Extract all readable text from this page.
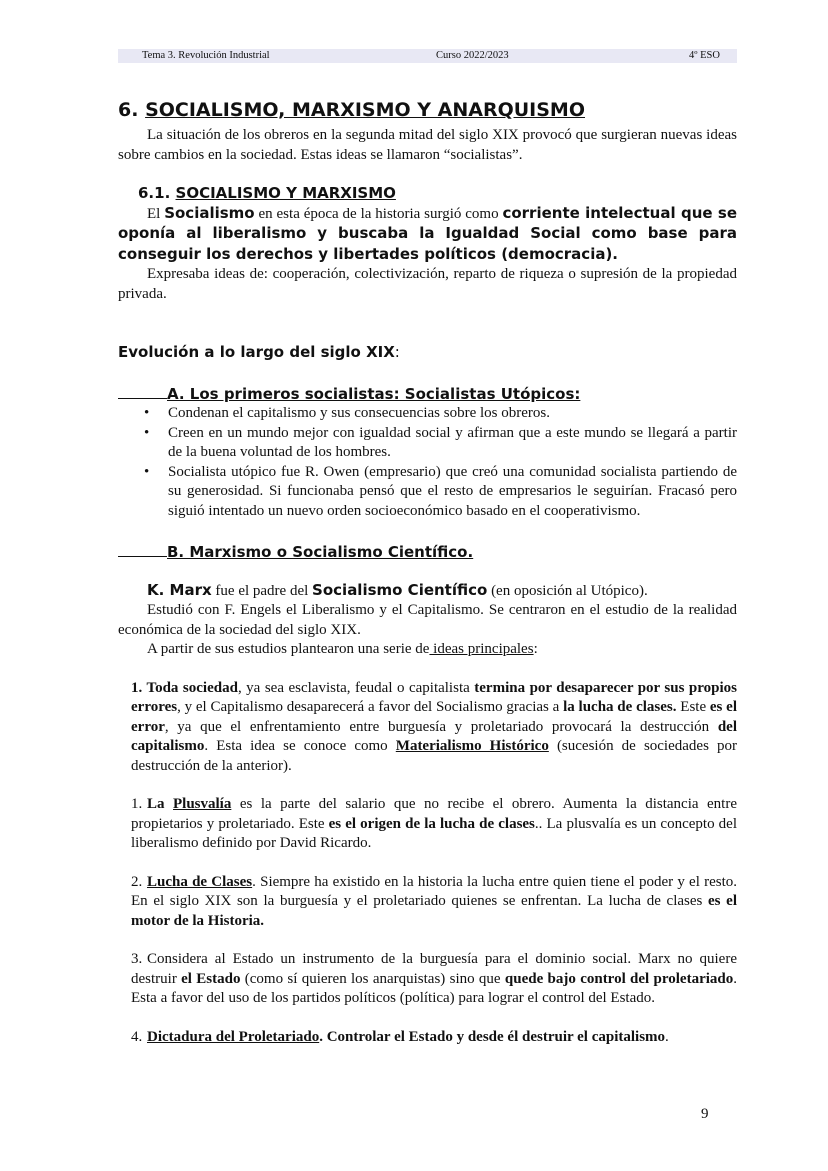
Tema 3. Revolución Industrial	Curso 2022/2023	4º ESO
6. SOCIALISMO, MARXISMO Y ANARQUISMO

La situación de los obreros en la segunda mitad del siglo XIX provocó que surgieran nuevas ideas sobre cambios en la sociedad. Estas ideas se llamaron “socialistas”.

6.1. SOCIALISMO Y MARXISMO

El Socialismo en esta época de la historia surgió como corriente intelectual que se oponía al liberalismo y buscaba la Igualdad Social como base para conseguir los derechos y libertades políticos (democracia).

Expresaba ideas de: cooperación, colectivización, reparto de riqueza o supresión de la propiedad privada.

Evolución a lo largo del siglo XIX:
A. Los primeros socialistas: Socialistas Utópicos:
• Condenan el capitalismo y sus consecuencias sobre los obreros.
• Creen en un mundo mejor con igualdad social y afirman que a este mundo se llegará a partir de la buena voluntad de los hombres.
• Socialista utópico fue R. Owen (empresario) que creó una comunidad socialista partiendo de su generosidad. Si funcionaba pensó que el resto de empresarios le seguirían. Fracasó pero siguió intentado un nuevo orden socioeconómico basado en el cooperativismo.
B. Marxismo o Socialismo Científico.

K. Marx fue el padre del Socialismo Científico (en oposición al Utópico).

Estudió con F. Engels el Liberalismo y el Capitalismo. Se centraron en el estudio de la realidad económica de la sociedad del siglo XIX.

A partir de sus estudios plantearon una serie de ideas principales:

1. Toda sociedad, ya sea esclavista, feudal o capitalista termina por desaparecer por sus propios errores, y el Capitalismo desaparecerá a favor del Socialismo gracias a la lucha de clases. Este es el error, ya que el enfrentamiento entre burguesía y proletariado provocará la destrucción del capitalismo. Esta idea se conoce como Materialismo Histórico (sucesión de sociedades por destrucción de la anterior).

1. La Plusvalía es la parte del salario que no recibe el obrero. Aumenta la distancia entre propietarios y proletariado. Este es el origen de la lucha de clases.. La plusvalía es un concepto del liberalismo definido por David Ricardo.

2. Lucha de Clases. Siempre ha existido en la historia la lucha entre quien tiene el poder y el resto. En el siglo XIX son la burguesía y el proletariado quienes se enfrentan. La lucha de clases es el motor de la Historia.

3. Considera al Estado un instrumento de la burguesía para el dominio social. Marx no quiere destruir el Estado (como sí quieren los anarquistas) sino que quede bajo control del proletariado. Esta a favor del uso de los partidos políticos (política) para lograr el control del Estado.

4. Dictadura del Proletariado. Controlar el Estado y desde él destruir el capitalismo.

9
